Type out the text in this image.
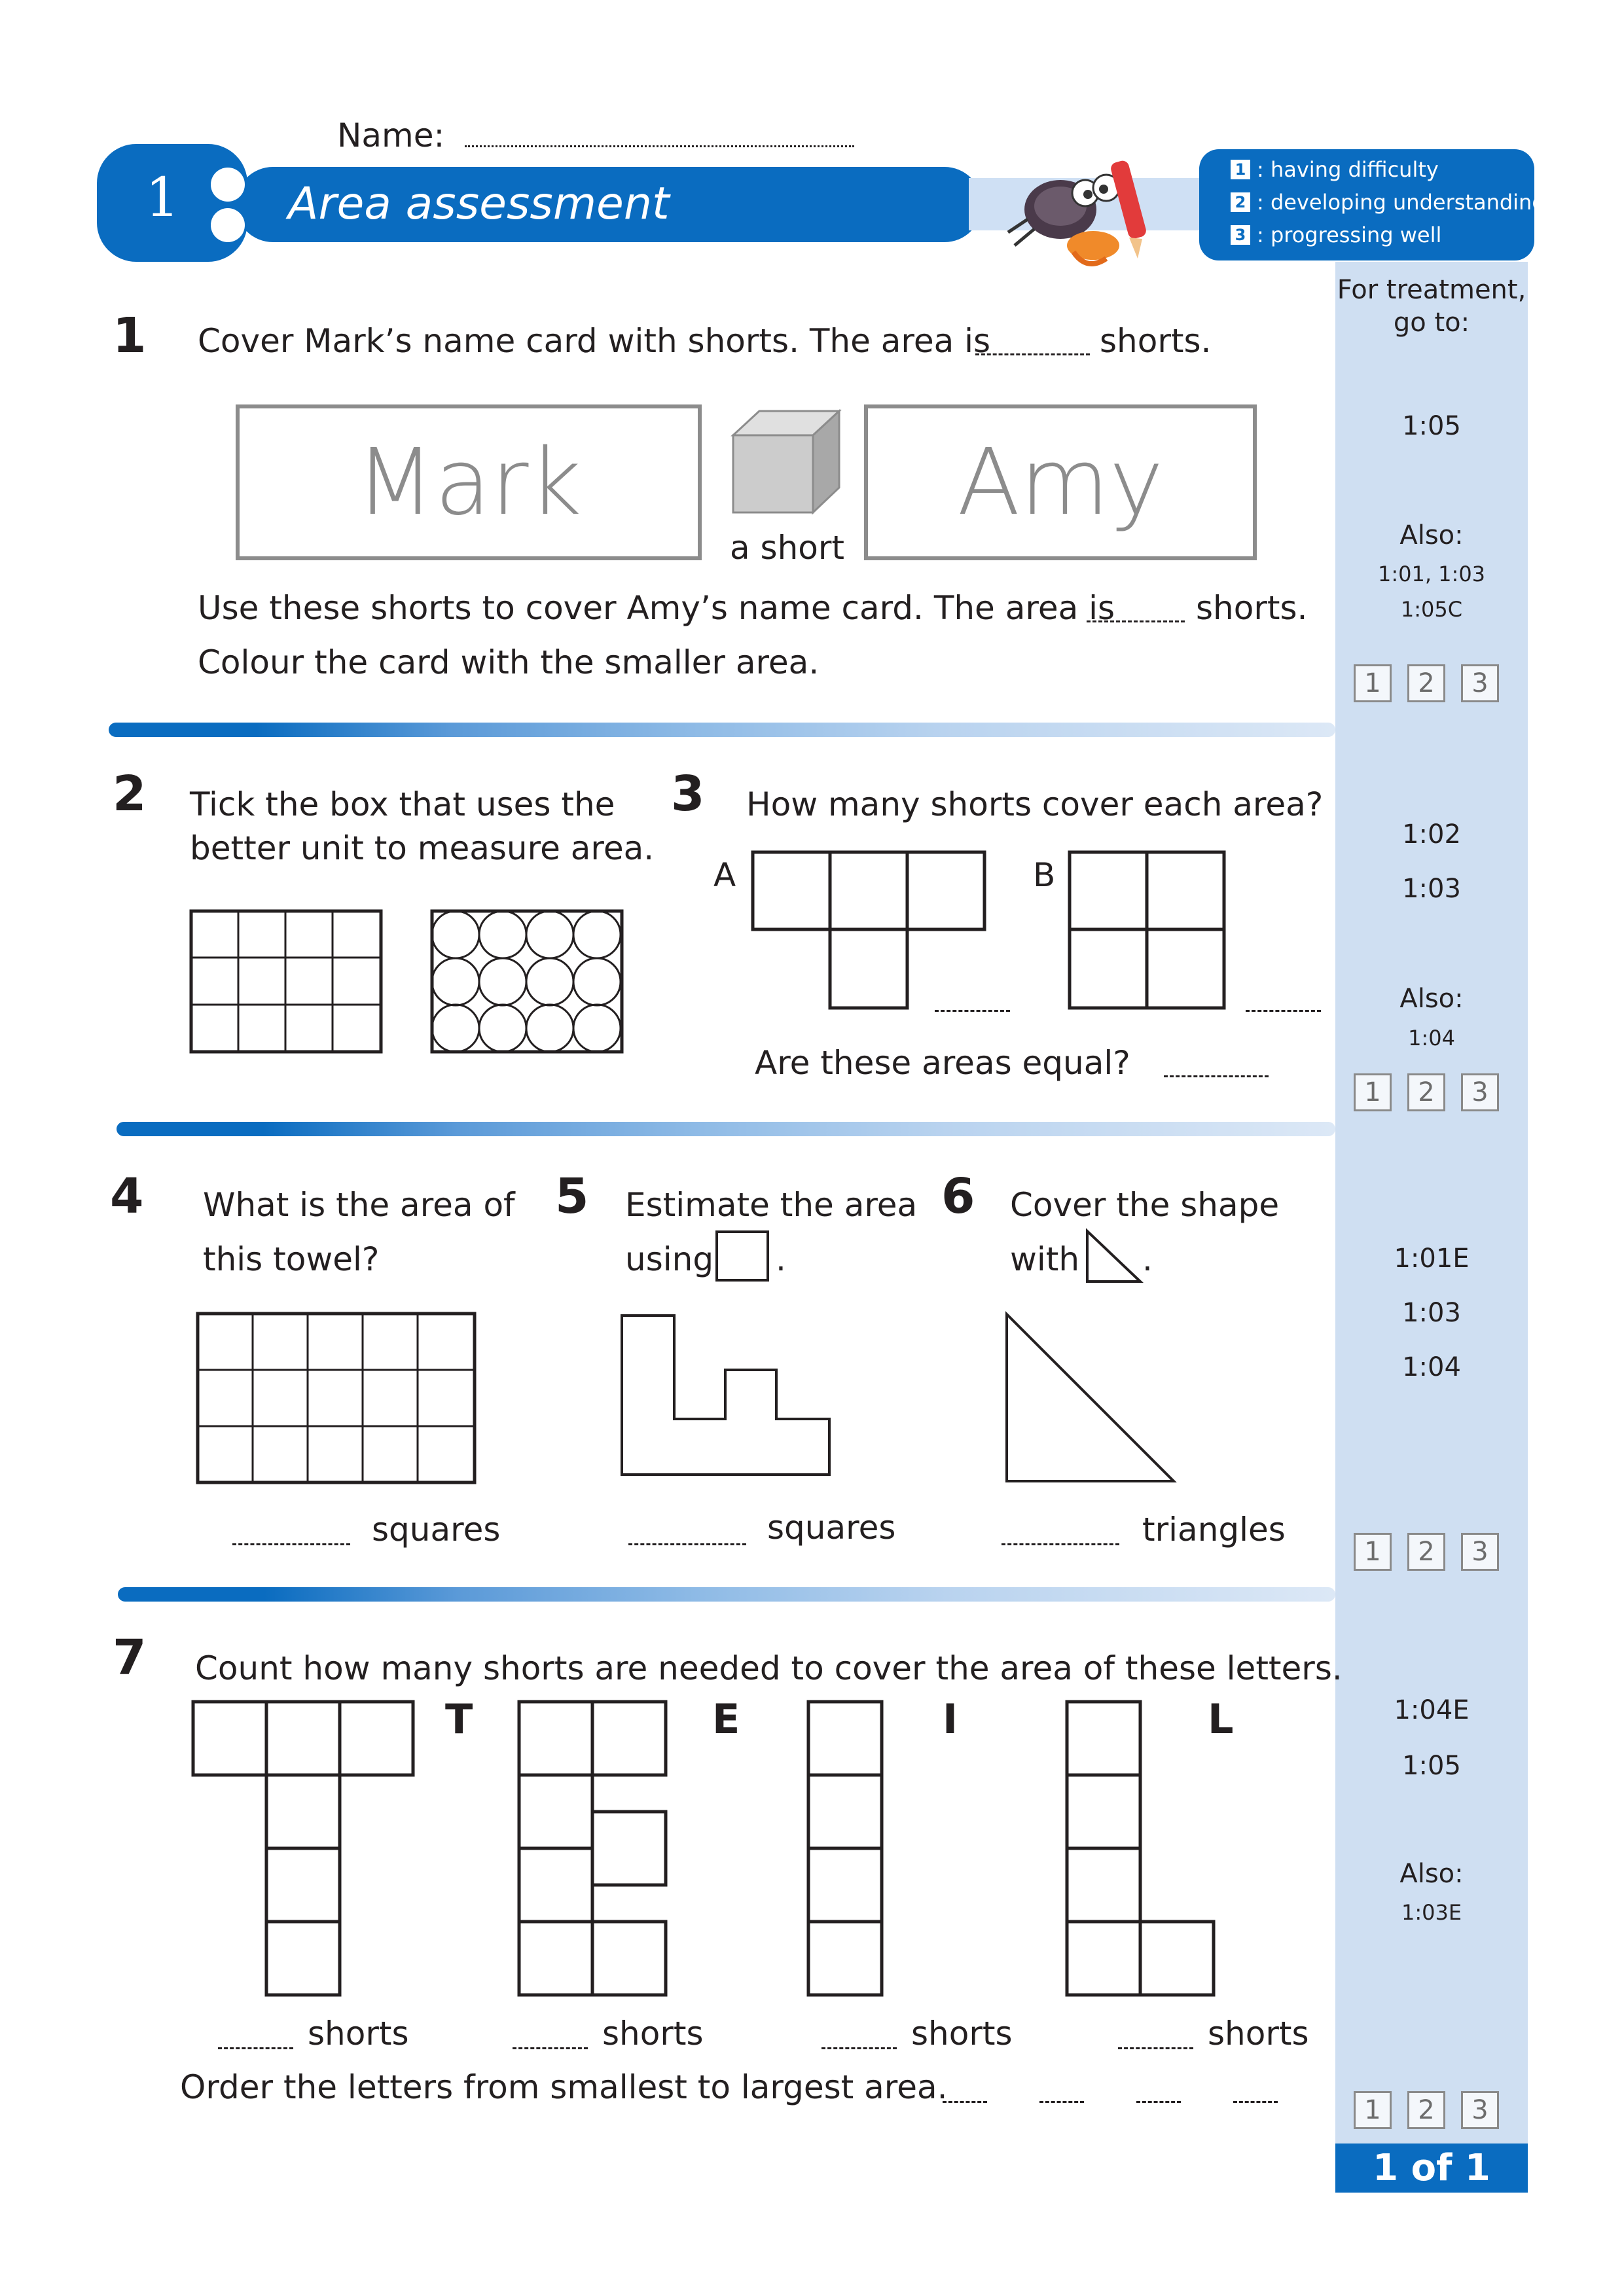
Name:
1 Area assessment
1 : having difficulty
2 : developing understanding
3 : progressing well
For treatment,
go to:
1:05
Also:
1:01, 1:03
1:05C
1	2	3
1:02
1:03
Also:
1:04
1	2	3
1:01E
1:03
1:04
1	2	3
1:04E
1:05
Also:
1:03E
1	2	3
1 of 1
1 Cover Mark’s name card with shorts. The area is	shorts.
Mark
a short
Amy
Use these shorts to cover Amy’s name card. The area is shorts.
Colour the card with the smaller area.
2 Tick the box that uses the
better unit to measure area.
3 How many shorts cover each area?
A	B
Are these areas equal?
4 What is the area of
this towel?
squares
5 Estimate the area
using .
squares
6 Cover the shape
with .
triangles
7 Count how many shorts are needed to cover the area of these letters.
T	E	I	L
shorts	shorts	shorts	shorts
Order the letters from smallest to largest area.
